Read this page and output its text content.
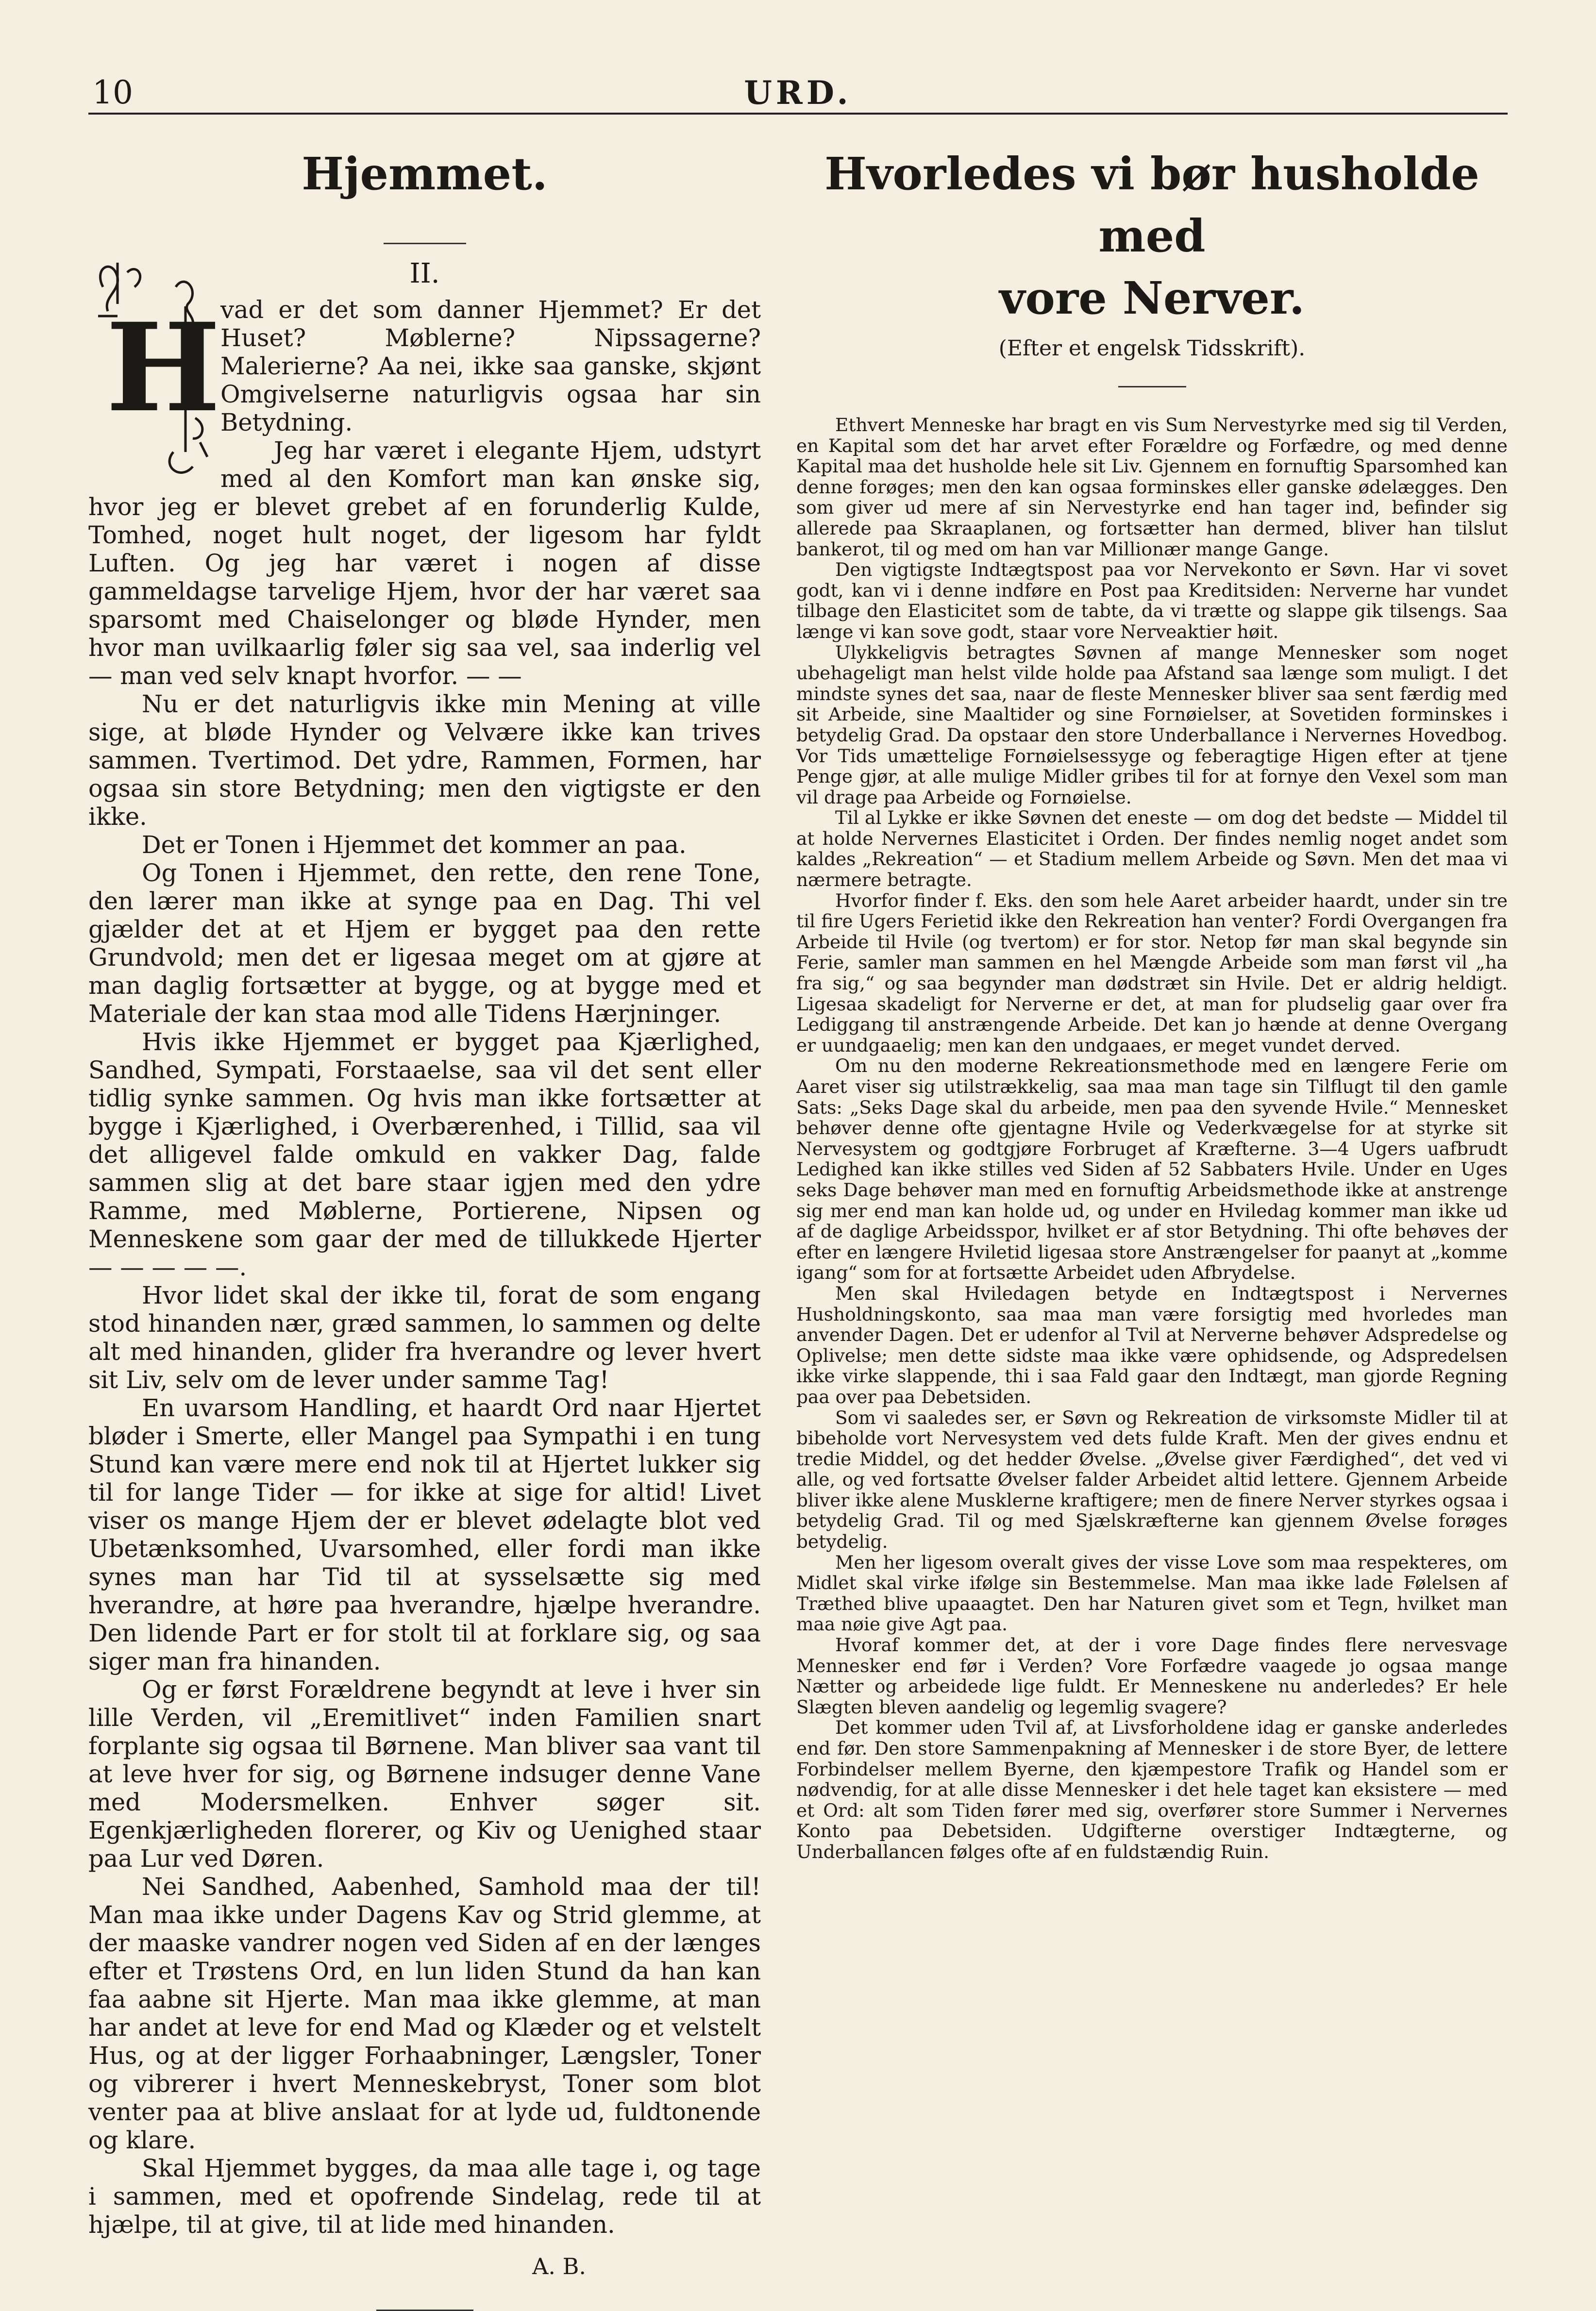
10	URD.
Hjemmet.
II.
H vad er det som danner Hjemmet? Er det Huset? Møblerne? Nipssagerne? Malerierne? Aa nei, ikke saa ganske, skjønt Omgivelserne naturligvis ogsaa har sin Betydning.

Jeg har været i elegante Hjem, udstyrt med al den Komfort man kan ønske sig, hvor jeg er blevet grebet af en forunderlig Kulde, Tomhed, noget hult noget, der ligesom har fyldt Luften. Og jeg har været i nogen af disse gammeldagse tarvelige Hjem, hvor der har været saa sparsomt med Chaiselonger og bløde Hynder, men hvor man uvilkaarlig føler sig saa vel, saa inderlig vel — man ved selv knapt hvorfor. — —

Nu er det naturligvis ikke min Mening at ville sige, at bløde Hynder og Velvære ikke kan trives sammen. Tvertimod. Det ydre, Rammen, Formen, har ogsaa sin store Betydning; men den vigtigste er den ikke.

Det er Tonen i Hjemmet det kommer an paa.

Og Tonen i Hjemmet, den rette, den rene Tone, den lærer man ikke at synge paa en Dag. Thi vel gjælder det at et Hjem er bygget paa den rette Grundvold; men det er ligesaa meget om at gjøre at man daglig fortsætter at bygge, og at bygge med et Materiale der kan staa mod alle Tidens Hærjninger.

Hvis ikke Hjemmet er bygget paa Kjærlighed, Sandhed, Sympati, Forstaaelse, saa vil det sent eller tidlig synke sammen. Og hvis man ikke fortsætter at bygge i Kjærlighed, i Overbærenhed, i Tillid, saa vil det alligevel falde omkuld en vakker Dag, falde sammen slig at det bare staar igjen med den ydre Ramme, med Møblerne, Portierene, Nipsen og Menneskene som gaar der med de tillukkede Hjerter — — — — —.

Hvor lidet skal der ikke til, forat de som engang stod hinanden nær, græd sammen, lo sammen og delte alt med hinanden, glider fra hverandre og lever hvert sit Liv, selv om de lever under samme Tag!

En uvarsom Handling, et haardt Ord naar Hjertet bløder i Smerte, eller Mangel paa Sympathi i en tung Stund kan være mere end nok til at Hjertet lukker sig til for lange Tider — for ikke at sige for altid! Livet viser os mange Hjem der er blevet ødelagte blot ved Ubetænksomhed, Uvarsomhed, eller fordi man ikke synes man har Tid til at sysselsætte sig med hverandre, at høre paa hverandre, hjælpe hverandre. Den lidende Part er for stolt til at forklare sig, og saa siger man fra hinanden.

Og er først Forældrene begyndt at leve i hver sin lille Verden, vil „Eremitlivet“ inden Familien snart forplante sig ogsaa til Børnene. Man bliver saa vant til at leve hver for sig, og Børnene indsuger denne Vane med Modersmelken. Enhver søger sit. Egenkjærligheden florerer, og Kiv og Uenighed staar paa Lur ved Døren.

Nei Sandhed, Aabenhed, Samhold maa der til! Man maa ikke under Dagens Kav og Strid glemme, at der maaske vandrer nogen ved Siden af en der længes efter et Trøstens Ord, en lun liden Stund da han kan faa aabne sit Hjerte. Man maa ikke glemme, at man har andet at leve for end Mad og Klæder og et velstelt Hus, og at der ligger Forhaabninger, Længsler, Toner og vibrerer i hvert Menneskebryst, Toner som blot venter paa at blive anslaat for at lyde ud, fuldtonende og klare.

Skal Hjemmet bygges, da maa alle tage i, og tage i sammen, med et opofrende Sindelag, rede til at hjælpe, til at give, til at lide med hinanden.

A. B.
Hvorledes vi bør husholde med
vore Nerver.
(Efter et engelsk Tidsskrift).

Ethvert Menneske har bragt en vis Sum Nervestyrke med sig til Verden, en Kapital som det har arvet efter Forældre og Forfædre, og med denne Kapital maa det husholde hele sit Liv. Gjennem en fornuftig Sparsomhed kan denne forøges; men den kan ogsaa forminskes eller ganske ødelægges. Den som giver ud mere af sin Nervestyrke end han tager ind, befinder sig allerede paa Skraaplanen, og fortsætter han dermed, bliver han tilslut bankerot, til og med om han var Millionær mange Gange.

Den vigtigste Indtægtspost paa vor Nervekonto er Søvn. Har vi sovet godt, kan vi i denne indføre en Post paa Kreditsiden: Nerverne har vundet tilbage den Elasticitet som de tabte, da vi trætte og slappe gik tilsengs. Saa længe vi kan sove godt, staar vore Nerveaktier høit.

Ulykkeligvis betragtes Søvnen af mange Mennesker som noget ubehageligt man helst vilde holde paa Afstand saa længe som muligt. I det mindste synes det saa, naar de fleste Mennesker bliver saa sent færdig med sit Arbeide, sine Maaltider og sine Fornøielser, at Sovetiden forminskes i betydelig Grad. Da opstaar den store Underballance i Nervernes Hovedbog. Vor Tids umættelige Fornøielsessyge og feberagtige Higen efter at tjene Penge gjør, at alle mulige Midler gribes til for at fornye den Vexel som man vil drage paa Arbeide og Fornøielse.

Til al Lykke er ikke Søvnen det eneste — om dog det bedste — Middel til at holde Nervernes Elasticitet i Orden. Der findes nemlig noget andet som kaldes „Rekreation“ — et Stadium mellem Arbeide og Søvn. Men det maa vi nærmere betragte.

Hvorfor finder f. Eks. den som hele Aaret arbeider haardt, under sin tre til fire Ugers Ferietid ikke den Rekreation han venter? Fordi Overgangen fra Arbeide til Hvile (og tvertom) er for stor. Netop før man skal begynde sin Ferie, samler man sammen en hel Mængde Arbeide som man først vil „ha fra sig,“ og saa begynder man dødstræt sin Hvile. Det er aldrig heldigt. Ligesaa skadeligt for Nerverne er det, at man for pludselig gaar over fra Lediggang til anstrængende Arbeide. Det kan jo hænde at denne Overgang er uundgaaelig; men kan den undgaaes, er meget vundet derved.

Om nu den moderne Rekreationsmethode med en længere Ferie om Aaret viser sig utilstrækkelig, saa maa man tage sin Tilflugt til den gamle Sats: „Seks Dage skal du arbeide, men paa den syvende Hvile.“ Mennesket behøver denne ofte gjentagne Hvile og Vederkvægelse for at styrke sit Nervesystem og godtgjøre Forbruget af Kræfterne. 3—4 Ugers uafbrudt Ledighed kan ikke stilles ved Siden af 52 Sabbaters Hvile. Under en Uges seks Dage behøver man med en fornuftig Arbeidsmethode ikke at anstrenge sig mer end man kan holde ud, og under en Hviledag kommer man ikke ud af de daglige Arbeidsspor, hvilket er af stor Betydning. Thi ofte behøves der efter en længere Hviletid ligesaa store Anstrængelser for paanyt at „komme igang“ som for at fortsætte Arbeidet uden Afbrydelse.

Men skal Hviledagen betyde en Indtægtspost i Nervernes Husholdningskonto, saa maa man være forsigtig med hvorledes man anvender Dagen. Det er udenfor al Tvil at Nerverne behøver Adspredelse og Oplivelse; men dette sidste maa ikke være ophidsende, og Adspredelsen ikke virke slappende, thi i saa Fald gaar den Indtægt, man gjorde Regning paa over paa Debetsiden.

Som vi saaledes ser, er Søvn og Rekreation de virksomste Midler til at bibeholde vort Nervesystem ved dets fulde Kraft. Men der gives endnu et tredie Middel, og det hedder Øvelse. „Øvelse giver Færdighed“, det ved vi alle, og ved fortsatte Øvelser falder Arbeidet altid lettere. Gjennem Arbeide bliver ikke alene Musklerne kraftigere; men de finere Nerver styrkes ogsaa i betydelig Grad. Til og med Sjælskræfterne kan gjennem Øvelse forøges betydelig.

Men her ligesom overalt gives der visse Love som maa respekteres, om Midlet skal virke ifølge sin Bestemmelse. Man maa ikke lade Følelsen af Træthed blive upaaagtet. Den har Naturen givet som et Tegn, hvilket man maa nøie give Agt paa.

Hvoraf kommer det, at der i vore Dage findes flere nervesvage Mennesker end før i Verden? Vore Forfædre vaagede jo ogsaa mange Nætter og arbeidede lige fuldt. Er Menneskene nu anderledes? Er hele Slægten bleven aandelig og legemlig svagere?

Det kommer uden Tvil af, at Livsforholdene idag er ganske anderledes end før. Den store Sammenpakning af Mennesker i de store Byer, de lettere Forbindelser mellem Byerne, den kjæmpestore Trafik og Handel som er nødvendig, for at alle disse Mennesker i det hele taget kan eksistere — med et Ord: alt som Tiden fører med sig, overfører store Summer i Nervernes Konto paa Debetsiden. Udgifterne overstiger Indtægterne, og Underballancen følges ofte af en fuldstændig Ruin.
